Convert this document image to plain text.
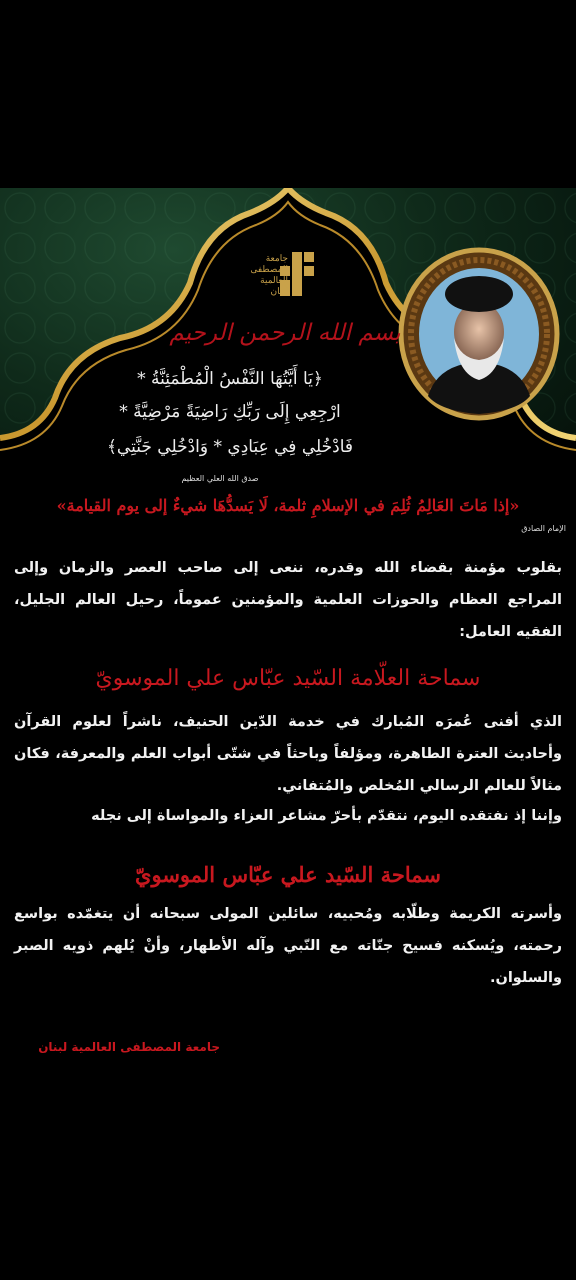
جامعة المصطفى العالمية لبنان
بسم الله الرحمن الرحيم
﴿يَا أَيَّتُهَا النَّفْسُ الْمُطْمَئِنَّةُ *
ارْجِعِي إِلَى رَبِّكِ رَاضِيَةً مَرْضِيَّةً *
فَادْخُلِي فِي عِبَادِي * وَادْخُلِي جَنَّتِي﴾
صدق الله العلي العظيم
«إذا مَاتَ العَالِمُ ثُلِمَ في الإسلامِ ثلمة، لَا يَسدُّهَا شيءٌ إلى يوم القيامة»
الإمام الصادق
بقلوب مؤمنة بقضاء الله وقدره، ننعى إلى صاحب العصر والزمان وإلى المراجع العظام والحوزات العلمية والمؤمنين عموماً، رحيل العالم الجليل، الفقيه العامل:
سماحة العلّامة السّيد عبّاس علي الموسويّ
الذي أفنى عُمرَه المُبارك في خدمة الدّين الحنيف، ناشراً لعلوم القرآن وأحاديث العترة الطاهرة، ومؤلفاً وباحثاً في شتّى أبواب العلم والمعرفة، فكان مثالاً للعالم الرسالي المُخلص والمُتفاني.
وإننا إذ نفتقده اليوم، نتقدّم بأحرّ مشاعر العزاء والمواساة إلى نجله
سماحة السّيد علي عبّاس الموسويّ
وأسرته الكريمة وطلّابه ومُحبيه، سائلين المولى سبحانه أن يتغمّده بواسع رحمته، ويُسكنه فسيح جنّاته مع النّبي وآله الأطهار، وأنْ يُلهم ذويه الصبر والسلوان.
جامعة المصطفى العالمية لبنان
